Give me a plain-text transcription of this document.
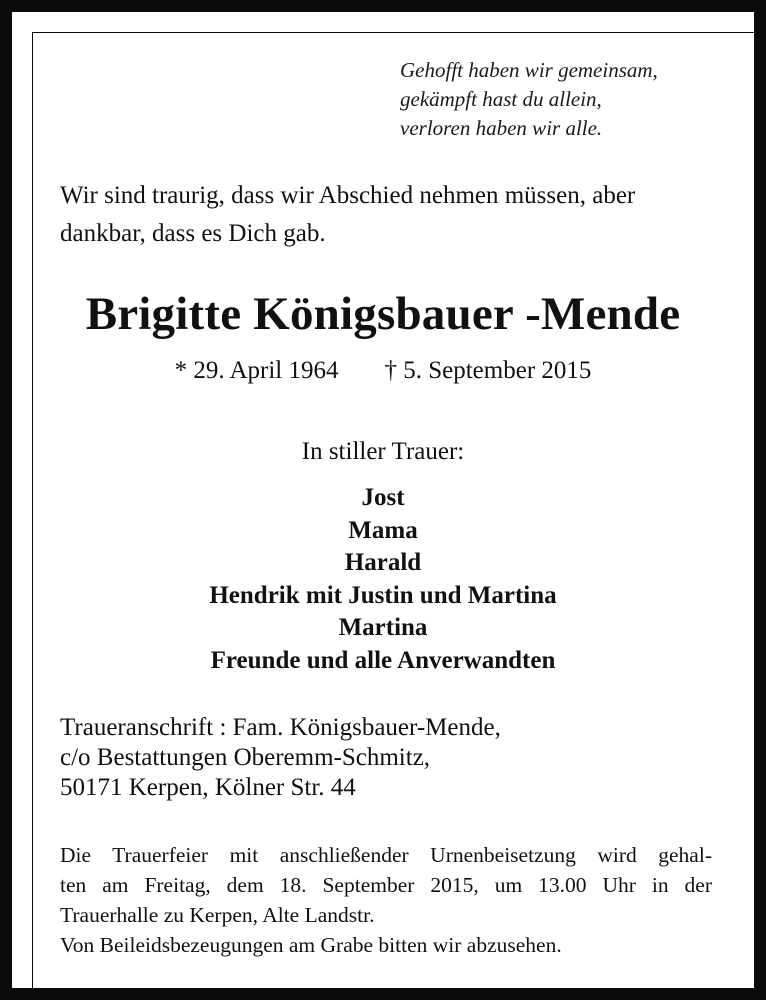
Gehofft haben wir gemeinsam,
gekämpft hast du allein,
verloren haben wir alle.
Wir sind traurig, dass wir Abschied nehmen müssen, aber
dankbar, dass es Dich gab.
Brigitte Königsbauer -Mende
* 29. April 1964 † 5. September 2015
In stiller Trauer:
Jost
Mama
Harald
Hendrik mit Justin und Martina
Martina
Freunde und alle Anverwandten
Traueranschrift : Fam. Königsbauer-Mende,
c/o Bestattungen Oberemm-Schmitz,
50171 Kerpen, Kölner Str. 44
Die Trauerfeier mit anschließender Urnenbeisetzung wird gehal-
ten am Freitag, dem 18. September 2015, um 13.00 Uhr in der
Trauerhalle zu Kerpen, Alte Landstr.
Von Beileidsbezeugungen am Grabe bitten wir abzusehen.
